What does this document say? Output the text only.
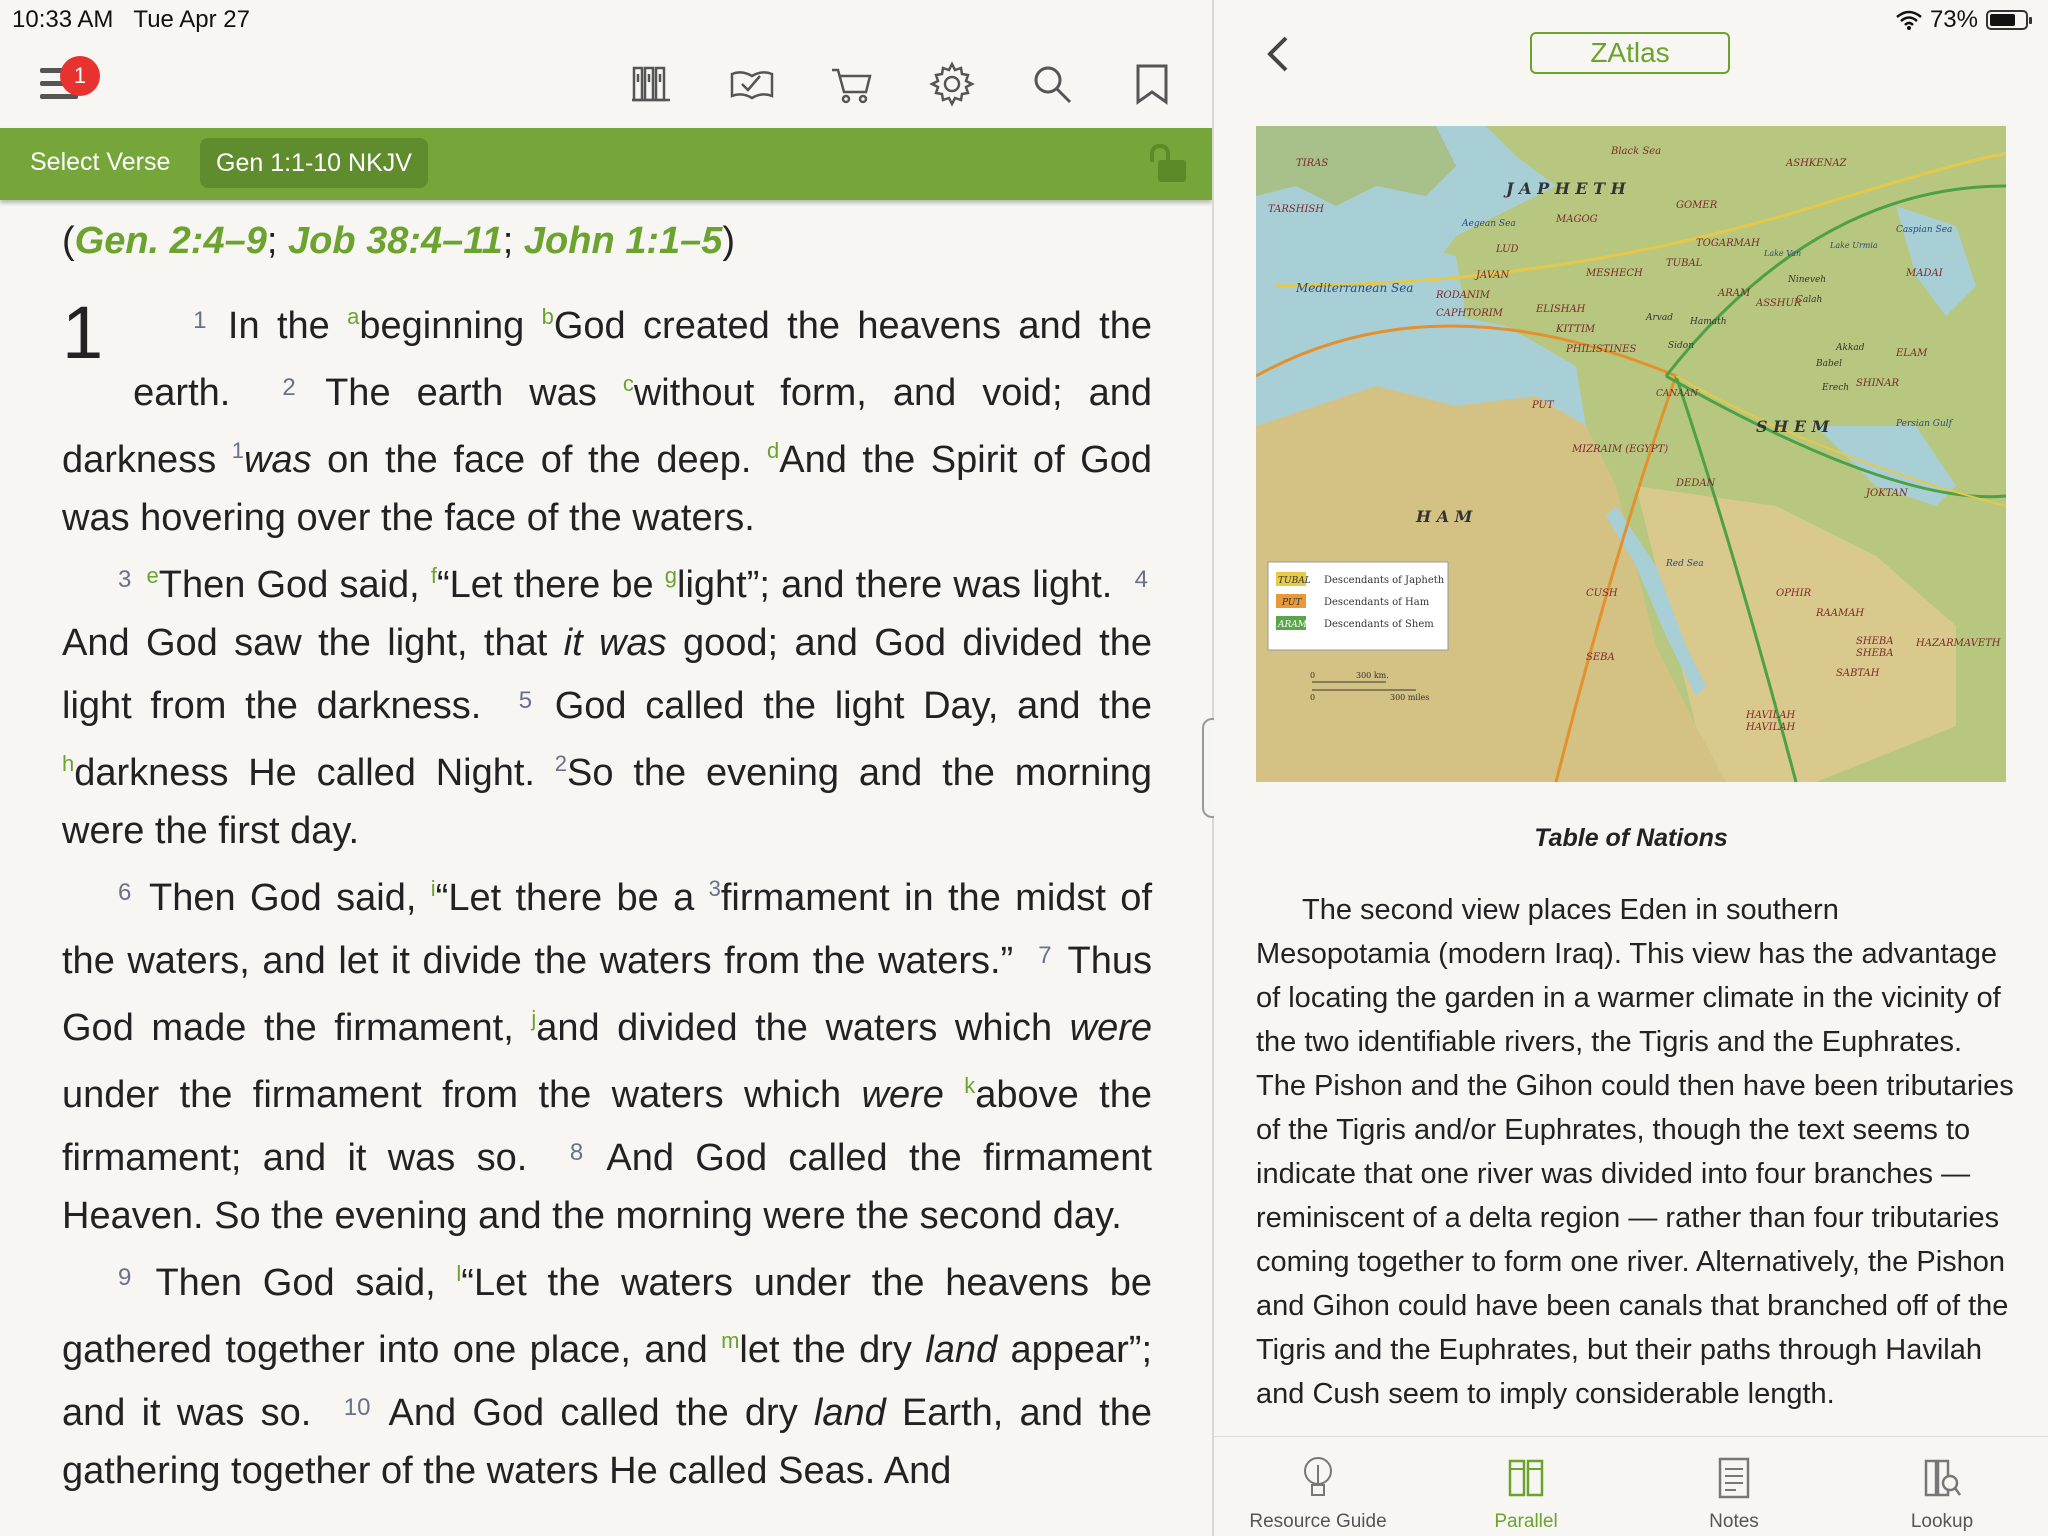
1
Select Verse	Gen 1:1-10 NKJV

(Gen. 2:4–9; Job 38:4–11; John 1:1–5)

1	$^1$ In the $^a$beginning $^b$God created the heavens and the earth. $^2$ The earth was $^c$without form, and void; and darkness $^1$was on the face of the deep. $^d$And the Spirit of God was hovering over the face of the waters.

$^3$ $^e$Then God said, $^f$“Let there be $^g$light”; and there was light. $^4$ And God saw the light, that it was good; and God divided the light from the darkness. $^5$ God called the light Day, and the $^h$darkness He called Night. $^2$So the evening and the morning were the first day.

$^6$ Then God said, $^i$“Let there be a $^3$firmament in the midst of the waters, and let it divide the waters from the waters.” $^7$ Thus God made the firmament, $^j$and divided the waters which were under the firmament from the waters which were $^k$above the firmament; and it was so. $^8$ And God called the firmament Heaven. So the evening and the morning were the second day.

$^9$ Then God said, $^l$“Let the waters under the heavens be gathered together into one place, and $^m$let the dry land appear”; and it was so. $^{10}$ And God called the dry land Earth, and the gathering together of the waters He called Seas. And

ZAtlas
Black Sea
J A P H E T H
ASHKENAZ
TIRAS
TARSHISH	GOMER
MAGOG
LUD
Aegean Sea
TOGARMAH
Lake Van
Lake Urmia
Caspian Sea
MESHECH
TUBAL
MADAI
JAVAN	Nineveh
Calah
RODANIM
ELISHAH
Arvad Hamath
ARAM
ASSHUR
Mediterranean Sea
CAPHTORIM
KITTIM
PHILISTINES	Sidon	Akkad
Babel
ELAM
CANAAN
Erech SHINAR
PUT
S H E M	Persian Gulf
MIZRAIM (EGYPT)
H A M
DEDAN
JOKTAN
Red Sea
CUSH	OPHIR
RAAMAH
SEBA
SHEBA
SHEBA
HAZARMAVETH
SABTAH
HAVILAH
HAVILAH
TUBAL Descendants of Japheth
PUT Descendants of Ham
ARAM Descendants of Shem
300 km.
300 miles
0
0
Table of Nations

The second view places Eden in southern Mesopotamia (modern Iraq). This view has the advantage of locating the garden in a warmer climate in the vicinity of the two identifiable rivers, the Tigris and the Euphrates. The Pishon and the Gihon could then have been tributaries of the Tigris and/or Euphrates, though the text seems to indicate that one river was divided into four branches — reminiscent of a delta region — rather than four tributaries coming together to form one river. Alternatively, the Pishon and Gihon could have been canals that branched off of the Tigris and the Euphrates, but their paths through Havilah and Cush seem to imply considerable length.

Resource Guide	Parallel	Notes	Lookup
10:33 AM Tue Apr 27	73%
